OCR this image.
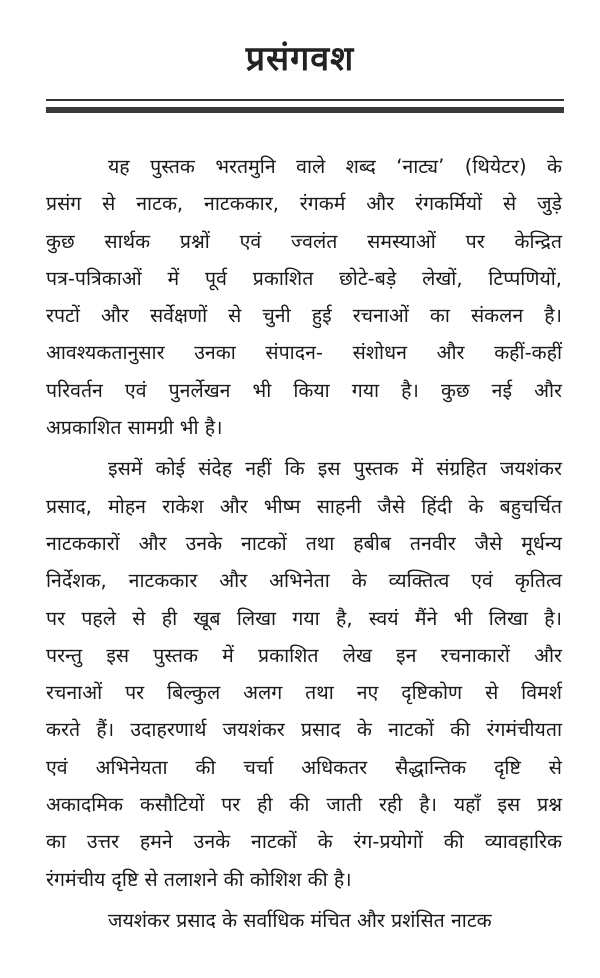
प्रसंगवश
यह पुस्तक भरतमुनि वाले शब्द ‘नाट्य’ (थियेटर) के
प्रसंग से नाटक, नाटककार, रंगकर्म और रंगकर्मियों से जुड़े
कुछ सार्थक प्रश्नों एवं ज्वलंत समस्याओं पर केन्द्रित
पत्र-पत्रिकाओं में पूर्व प्रकाशित छोटे-बड़े लेखों, टिप्पणियों,
रपटों और सर्वेक्षणों से चुनी हुई रचनाओं का संकलन है।
आवश्यकतानुसार उनका संपादन- संशोधन और कहीं-कहीं
परिवर्तन एवं पुनर्लेखन भी किया गया है। कुछ नई और
अप्रकाशित सामग्री भी है।
इसमें कोई संदेह नहीं कि इस पुस्तक में संग्रहित जयशंकर
प्रसाद, मोहन राकेश और भीष्म साहनी जैसे हिंदी के बहुचर्चित
नाटककारों और उनके नाटकों तथा हबीब तनवीर जैसे मूर्धन्य
निर्देशक, नाटककार और अभिनेता के व्यक्तित्व एवं कृतित्व
पर पहले से ही खूब लिखा गया है, स्वयं मैंने भी लिखा है।
परन्तु इस पुस्तक में प्रकाशित लेख इन रचनाकारों और
रचनाओं पर बिल्कुल अलग तथा नए दृष्टिकोण से विमर्श
करते हैं। उदाहरणार्थ जयशंकर प्रसाद के नाटकों की रंगमंचीयता
एवं अभिनेयता की चर्चा अधिकतर सैद्धान्तिक दृष्टि से
अकादमिक कसौटियों पर ही की जाती रही है। यहाँ इस प्रश्न
का उत्तर हमने उनके नाटकों के रंग-प्रयोगों की व्यावहारिक
रंगमंचीय दृष्टि से तलाशने की कोशिश की है।
जयशंकर प्रसाद के सर्वाधिक मंचित और प्रशंसित नाटक
